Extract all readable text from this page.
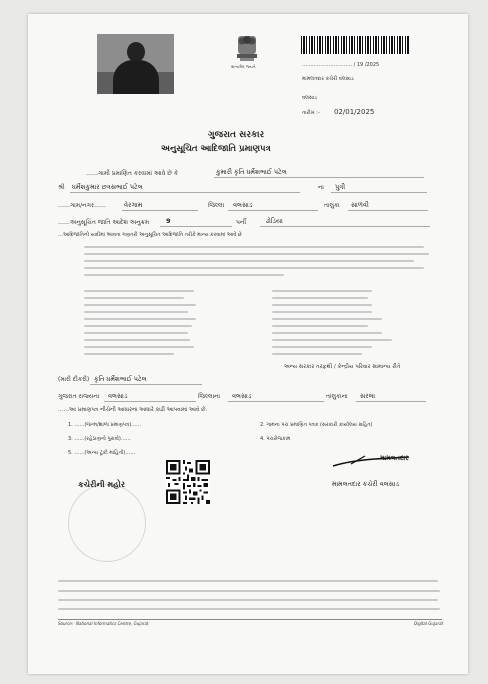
સત્યમેવ જયતે	………………………… / 19 /2025
મામલતદાર કચેરી વલસાડ
વલસાડ
તારીખ :- 02/01/2025
ગુજરાત સરકાર
અનુસૂચિત આદિજાતિ પ્રમાણપત્ર
……ગામી પ્રમાણિત કરવામાં આવે છે કે	કુમારી કૃતિ ધર્મેશભાઈ પટેલ
શ્રી ધર્મેશકુમાર છત્રસભાઈ પટેલ	ના પુત્રી
……ગામ/નગર……	વેરગામ	જિલ્લા વલસાડ	તાલુકા સાળવી
……અનુસૂચિત જાતિ આદેશ અનુક્રમ	9	પર્ની	ઢોડિયા
…આદિજાતિની યાદીમાં આવતા ગણતરી અનુસૂચિત આદિજાતિ તરીકે માન્ય કરવામાં આવે છે
અન્ય સરકાર તરફથી / કેન્દ્રીય પરિવાર સામાન્ય રીતે
(મારી દીકરી) કૃતિ ધર્મેશભાઈ પટેલ
ગુજરાત રાજ્યના વલસાડ	જિલ્લાના વલસાડ	તાલુકાના સરલા
……આ પ્રમાણપત્ર નીચેની આધારના આધારે કાઢી આપવામાં આવે છે.
1. ……(જન્મ/શાળા પ્રમાણપત્ર)……	2. ગામના પંચ પ્રમાણિત પત્રક (સરકારી કાર્યાલય સહિત)
3. ……(રહેઠાણનો પુરાવો)……	4. પંચરોજકામ
5. ……(અન્ય ટૂંકી માહિતી)……
કચેરીની મહોર
મામલતદાર
મામલતદાર કચેરી વલસાડ
Source:- National Informatics Centre, Gujarat	Digital Gujarat
